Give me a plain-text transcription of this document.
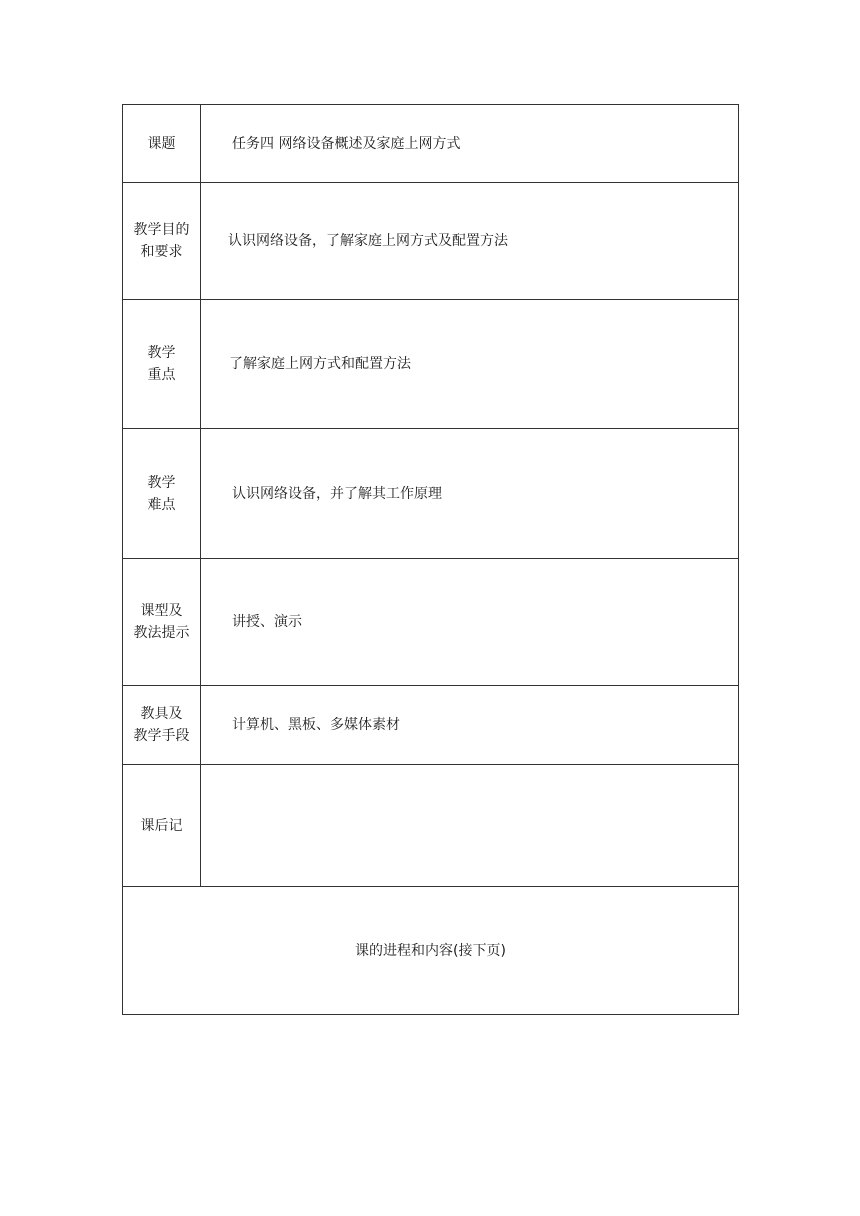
课题	任务四 网络设备概述及家庭上网方式
教学目的
和要求	认识网络设备，了解家庭上网方式及配置方法
教学
重点	了解家庭上网方式和配置方法
教学
难点	认识网络设备，并了解其工作原理
课型及
教法提示	讲授、演示
教具及
教学手段	计算机、黑板、多媒体素材
课后记	
课的进程和内容(接下页)	
